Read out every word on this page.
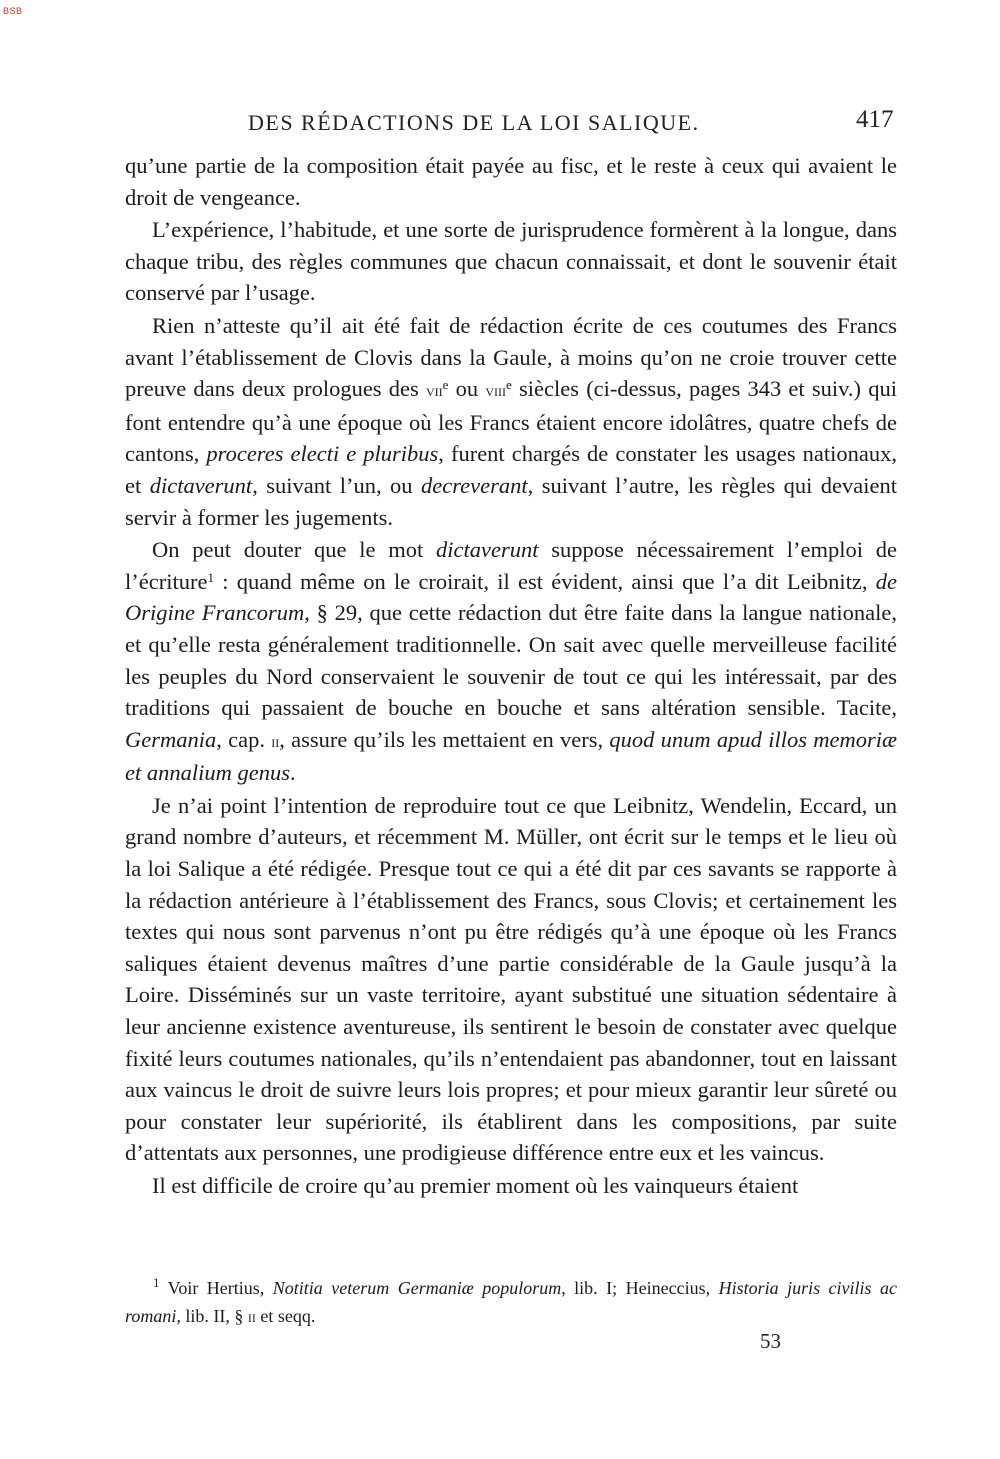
BSB
DES RÉDACTIONS DE LA LOI SALIQUE.	417

qu’une partie de la composition était payée au fisc, et le reste à ceux qui avaient le droit de vengeance.

L’expérience, l’habitude, et une sorte de jurisprudence formèrent à la longue, dans chaque tribu, des règles communes que chacun connaissait, et dont le souvenir était conservé par l’usage.

Rien n’atteste qu’il ait été fait de rédaction écrite de ces coutumes des Francs avant l’établissement de Clovis dans la Gaule, à moins qu’on ne croie trouver cette preuve dans deux prologues des vii$^e$ ou viii$^e$ siècles (ci-dessus, pages 343 et suiv.) qui font entendre qu’à une époque où les Francs étaient encore idolâtres, quatre chefs de cantons, proceres electi e pluribus, furent chargés de constater les usages nationaux, et dictaverunt, suivant l’un, ou decreverant, suivant l’autre, les règles qui devaient servir à former les jugements.

On peut douter que le mot dictaverunt suppose nécessairement l’emploi de l’écriture$^1$ : quand même on le croirait, il est évident, ainsi que l’a dit Leibnitz, de Origine Francorum, § 29, que cette rédaction dut être faite dans la langue nationale, et qu’elle resta généralement traditionnelle. On sait avec quelle merveilleuse facilité les peuples du Nord conservaient le souvenir de tout ce qui les intéressait, par des traditions qui passaient de bouche en bouche et sans altération sensible. Tacite, Germania, cap. ii, assure qu’ils les mettaient en vers, quod unum apud illos memoriæ et annalium genus.

Je n’ai point l’intention de reproduire tout ce que Leibnitz, Wendelin, Eccard, un grand nombre d’auteurs, et récemment M. Müller, ont écrit sur le temps et le lieu où la loi Salique a été rédigée. Presque tout ce qui a été dit par ces savants se rapporte à la rédaction antérieure à l’établissement des Francs, sous Clovis; et certainement les textes qui nous sont parvenus n’ont pu être rédigés qu’à une époque où les Francs saliques étaient devenus maîtres d’une partie considérable de la Gaule jusqu’à la Loire. Disséminés sur un vaste territoire, ayant substitué une situation sédentaire à leur ancienne existence aventureuse, ils sentirent le besoin de constater avec quelque fixité leurs coutumes nationales, qu’ils n’entendaient pas abandonner, tout en laissant aux vaincus le droit de suivre leurs lois propres; et pour mieux garantir leur sûreté ou pour constater leur supériorité, ils établirent dans les compositions, par suite d’attentats aux personnes, une prodigieuse différence entre eux et les vaincus.

Il est difficile de croire qu’au premier moment où les vainqueurs étaient

$^1$ Voir Hertius, Notitia veterum Germaniæ populorum, lib. I; Heineccius, Historia juris civilis ac romani, lib. II, § ii et seqq.
53
